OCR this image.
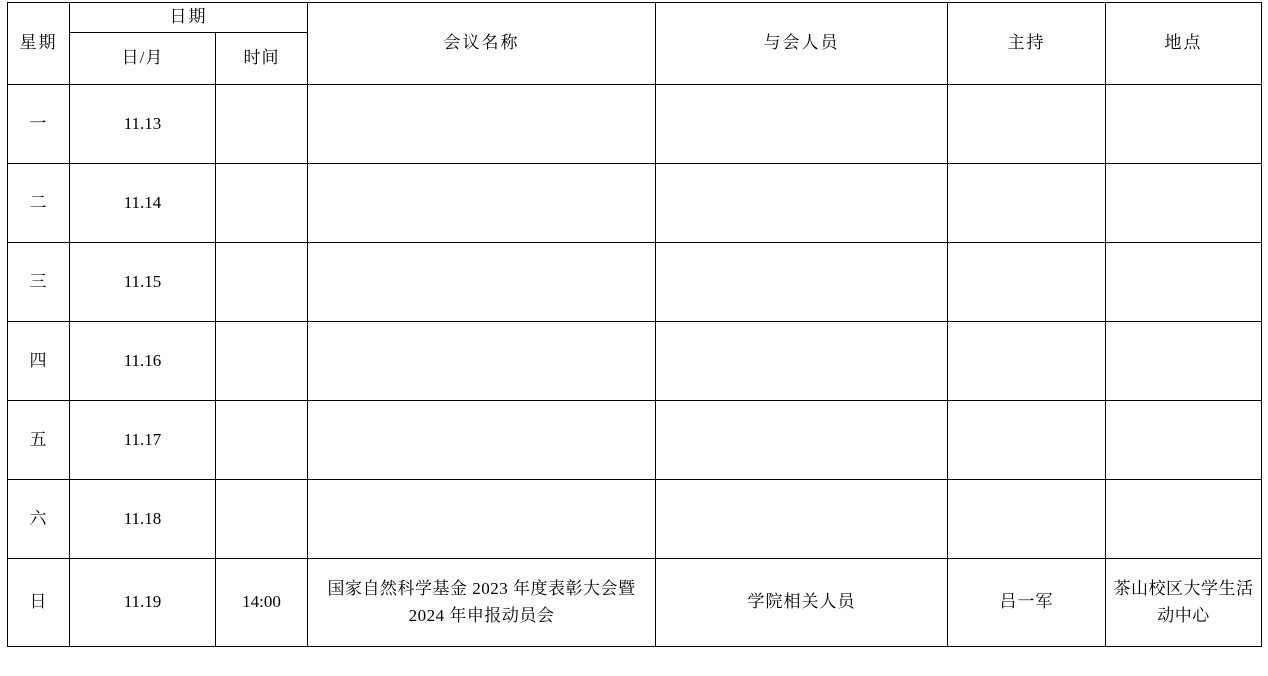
星期	日期		会议名称	与会人员	主持	地点
	日/月	时间				
一	11.13					
二	11.14					
三	11.15					
四	11.16					
五	11.17					
六	11.18					
日	11.19	14:00	国家自然科学基金 2023 年度表彰大会暨 2024 年申报动员会	学院相关人员	吕一军	茶山校区大学生活动中心
